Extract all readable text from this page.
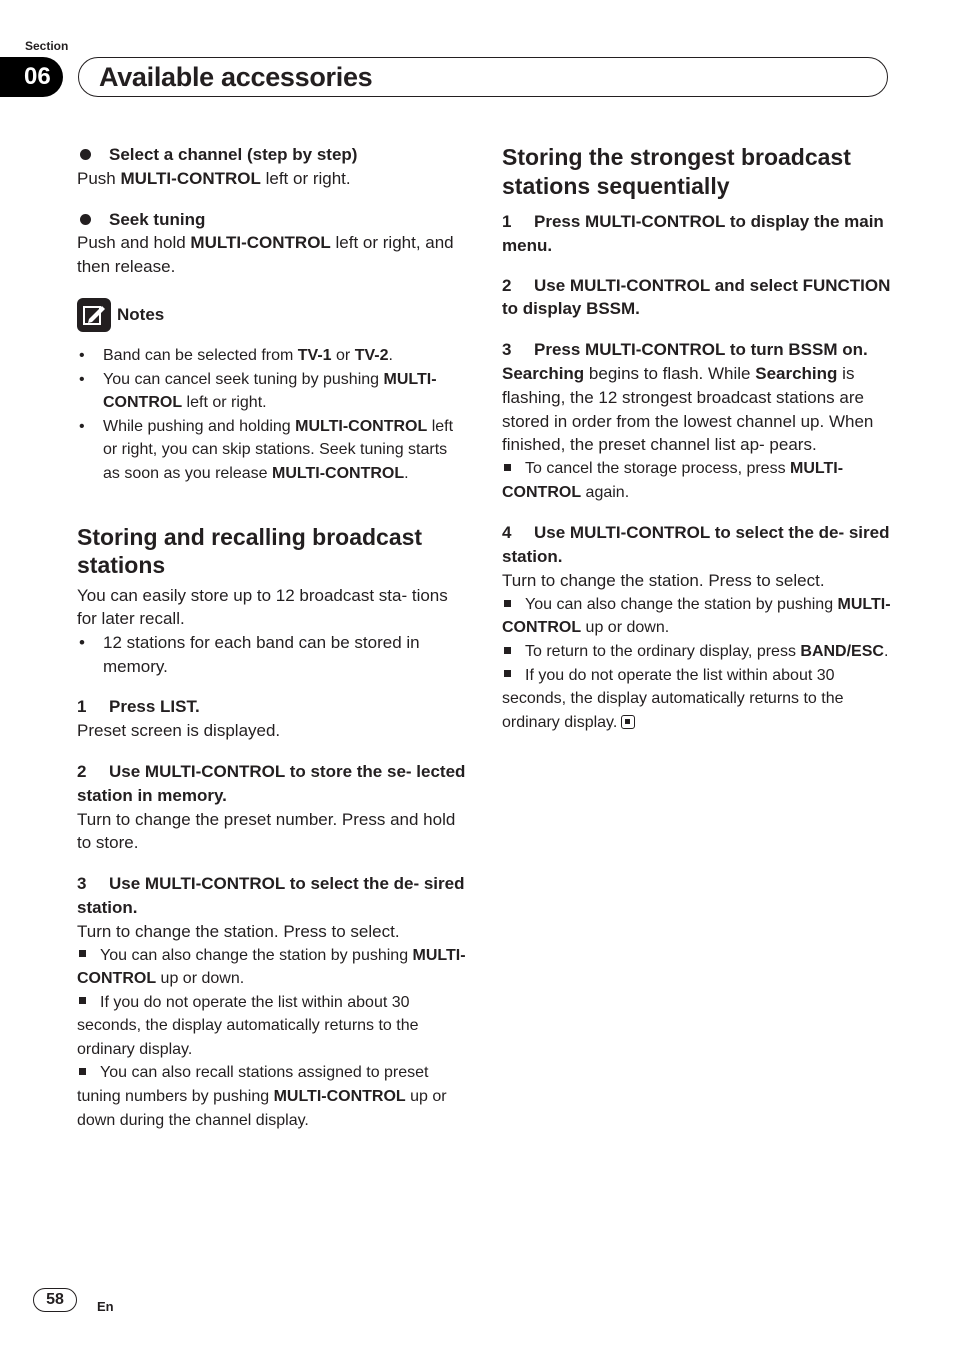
Section
06	Available accessories

Select a channel (step by step)

Push MULTI-CONTROL left or right.

Seek tuning

Push and hold MULTI-CONTROL left or right, and then release.

Notes

• Band can be selected from TV-1 or TV-2.

• You can cancel seek tuning by pushing MULTI-CONTROL left or right.

• While pushing and holding MULTI-CONTROL left or right, you can skip stations. Seek tuning starts as soon as you release MULTI-CONTROL.

Storing and recalling broadcast stations

You can easily store up to 12 broadcast sta- tions for later recall.

• 12 stations for each band can be stored in memory.

1 Press LIST.

Preset screen is displayed.

2 Use MULTI-CONTROL to store the se- lected station in memory.

Turn to change the preset number. Press and hold to store.

3 Use MULTI-CONTROL to select the de- sired station.

Turn to change the station. Press to select.

You can also change the station by pushing MULTI-CONTROL up or down.

If you do not operate the list within about 30 seconds, the display automatically returns to the ordinary display.

You can also recall stations assigned to preset tuning numbers by pushing MULTI-CONTROL up or down during the channel display.

Storing the strongest broadcast stations sequentially

1 Press MULTI-CONTROL to display the main menu.

2 Use MULTI-CONTROL and select FUNCTION to display BSSM.

3 Press MULTI-CONTROL to turn BSSM on.

Searching begins to flash. While Searching is flashing, the 12 strongest broadcast stations are stored in order from the lowest channel up. When finished, the preset channel list ap- pears.

To cancel the storage process, press MULTI-CONTROL again.

4 Use MULTI-CONTROL to select the de- sired station.

Turn to change the station. Press to select.

You can also change the station by pushing MULTI-CONTROL up or down.

To return to the ordinary display, press BAND/ESC.

If you do not operate the list within about 30 seconds, the display automatically returns to the ordinary display.

58	En
